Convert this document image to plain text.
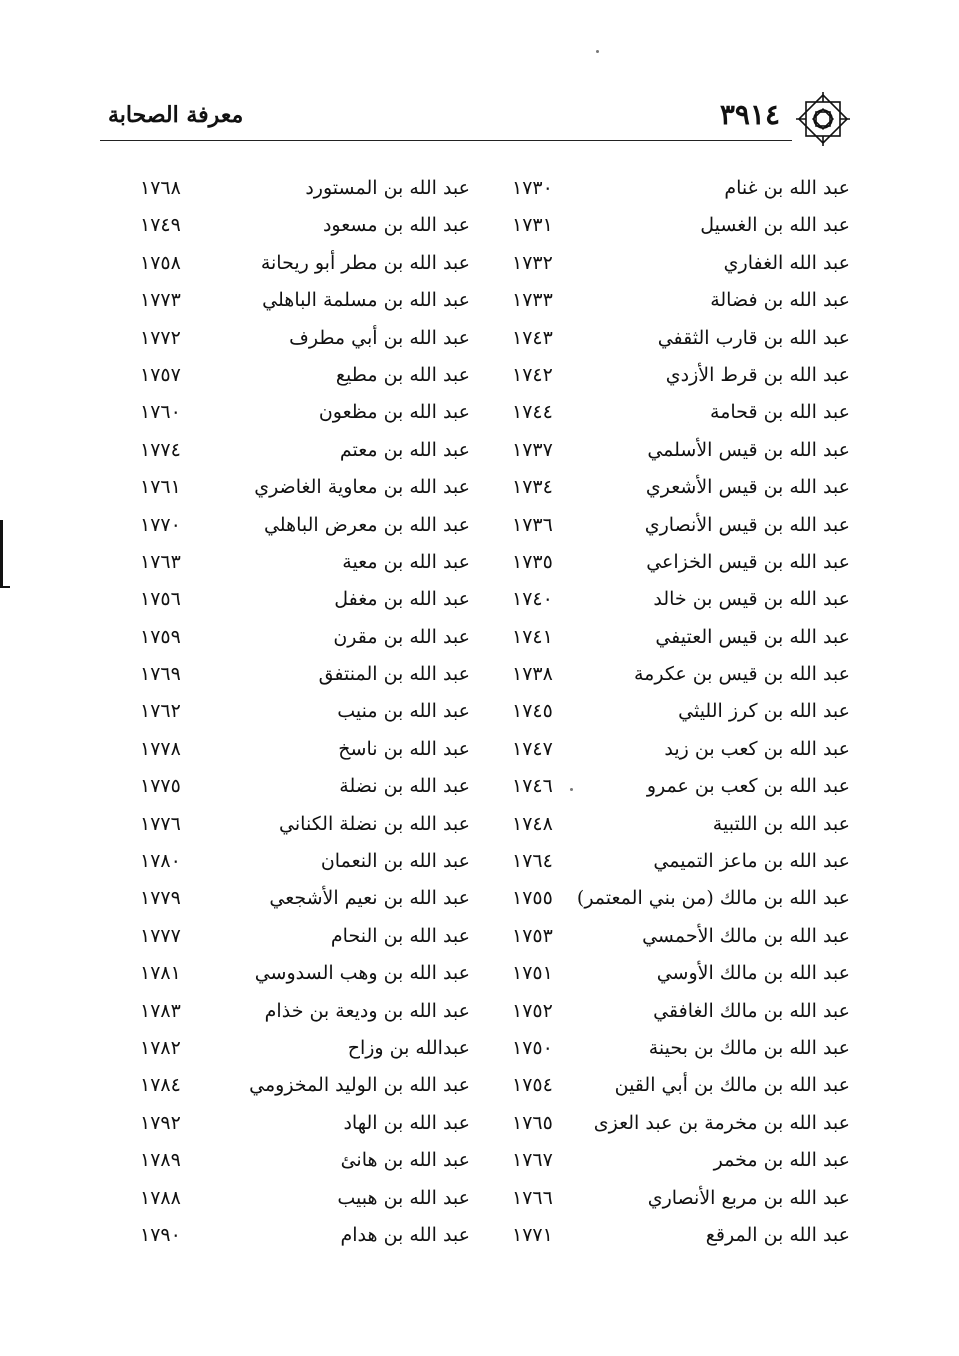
معرفة الصحابة	٣٩١٤
عبد الله بن غنام
١٧٣٠
عبد الله بن المستورد
١٧٦٨
عبد الله بن الغسيل
١٧٣١
عبد الله بن مسعود
١٧٤٩
عبد الله الغفاري
١٧٣٢
عبد الله بن مطر أبو ريحانة
١٧٥٨
عبد الله بن فضالة
١٧٣٣
عبد الله بن مسلمة الباهلي
١٧٧٣
عبد الله بن قارب الثقفي
١٧٤٣
عبد الله بن أبي مطرف
١٧٧٢
عبد الله بن قرط الأزدي
١٧٤٢
عبد الله بن مطيع
١٧٥٧
عبد الله بن قحامة
١٧٤٤
عبد الله بن مظعون
١٧٦٠
عبد الله بن قيس الأسلمي
١٧٣٧
عبد الله بن معتم
١٧٧٤
عبد الله بن قيس الأشعري
١٧٣٤
عبد الله بن معاوية الغاضري
١٧٦١
عبد الله بن قيس الأنصاري
١٧٣٦
عبد الله بن معرض الباهلي
١٧٧٠
عبد الله بن قيس الخزاعي
١٧٣٥
عبد الله بن معية
١٧٦٣
عبد الله بن قيس بن خالد
١٧٤٠
عبد الله بن مغفل
١٧٥٦
عبد الله بن قيس العتيفي
١٧٤١
عبد الله بن مقرن
١٧٥٩
عبد الله بن قيس بن عكرمة
١٧٣٨
عبد الله بن المنتفق
١٧٦٩
عبد الله بن كرز الليثي
١٧٤٥
عبد الله بن منيب
١٧٦٢
عبد الله بن كعب بن زيد
١٧٤٧
عبد الله بن ناسخ
١٧٧٨
عبد الله بن كعب بن عمرو
١٧٤٦
عبد الله بن نضلة
١٧٧٥
عبد الله بن اللتبية
١٧٤٨
عبد الله بن نضلة الكناني
١٧٧٦
عبد الله بن ماعز التميمي
١٧٦٤
عبد الله بن النعمان
١٧٨٠
عبد الله بن مالك (من بني المعتمر)
١٧٥٥
عبد الله بن نعيم الأشجعي
١٧٧٩
عبد الله بن مالك الأحمسي
١٧٥٣
عبد الله بن النحام
١٧٧٧
عبد الله بن مالك الأوسي
١٧٥١
عبد الله بن وهب السدوسي
١٧٨١
عبد الله بن مالك الغافقي
١٧٥٢
عبد الله بن وديعة بن خذام
١٧٨٣
عبد الله بن مالك بن بحينة
١٧٥٠
عبدالله بن وزاح
١٧٨٢
عبد الله بن مالك بن أبي القين
١٧٥٤
عبد الله بن الوليد المخزومي
١٧٨٤
عبد الله بن مخرمة بن عبد العزى
١٧٦٥
عبد الله بن الهاد
١٧٩٢
عبد الله بن مخمر
١٧٦٧
عبد الله بن هانئ
١٧٨٩
عبد الله بن مربع الأنصاري
١٧٦٦
عبد الله بن هبيب
١٧٨٨
عبد الله بن المرقع
١٧٧١
عبد الله بن هدام
١٧٩٠
